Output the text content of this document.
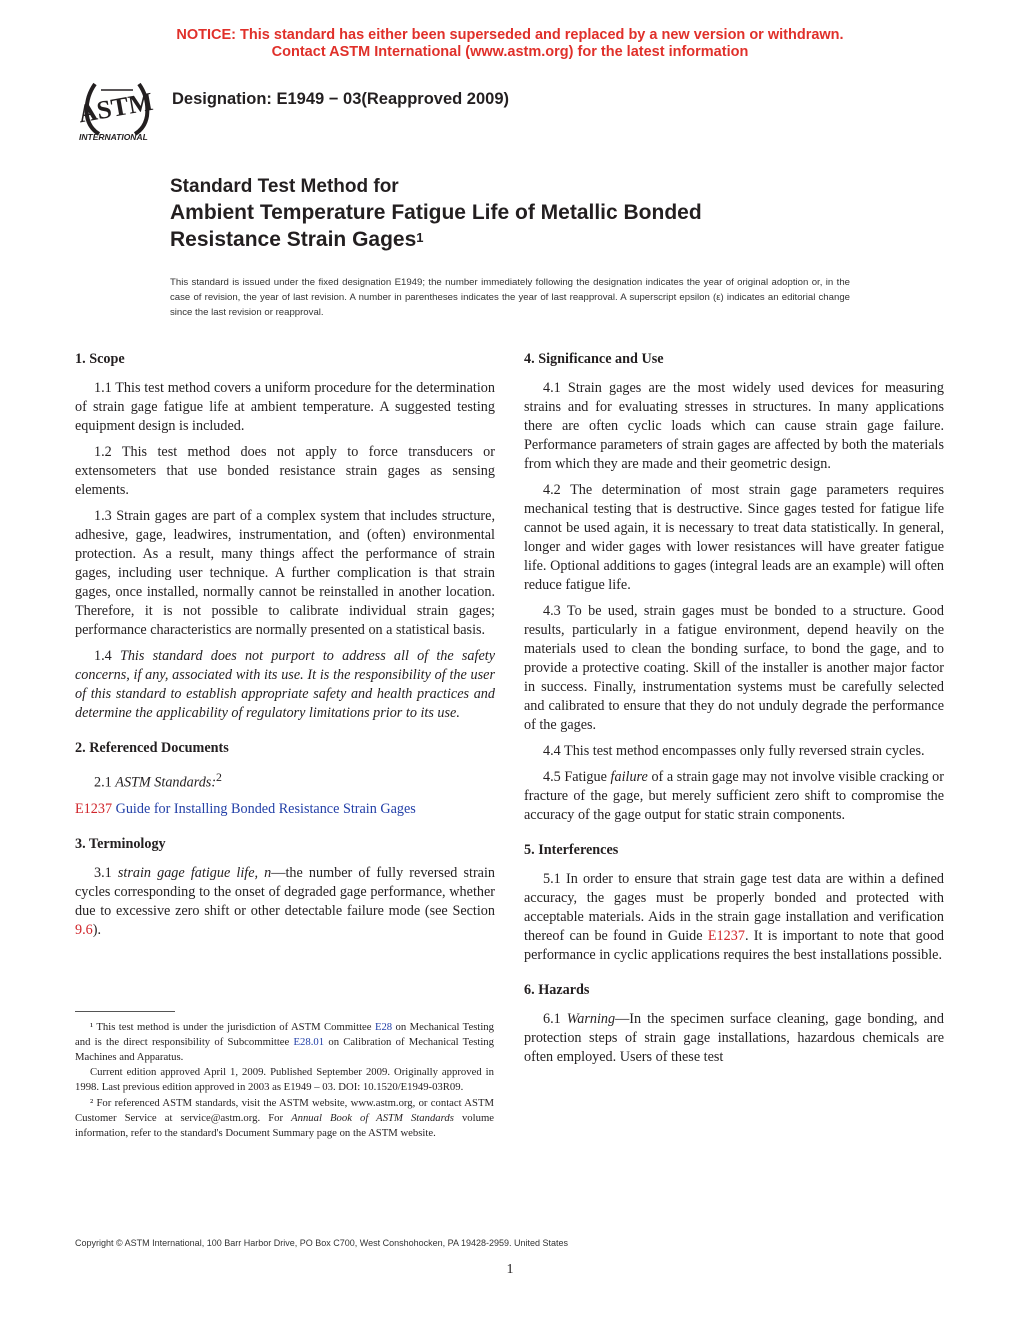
NOTICE: This standard has either been superseded and replaced by a new version or withdrawn.
Contact ASTM International (www.astm.org) for the latest information
ASTM
INTERNATIONAL
Designation: E1949 − 03(Reapproved 2009)
Standard Test Method for
Ambient Temperature Fatigue Life of Metallic Bonded
Resistance Strain Gages$^1$
This standard is issued under the fixed designation E1949; the number immediately following the designation indicates the year of original adoption or, in the case of revision, the year of last revision. A number in parentheses indicates the year of last reapproval. A superscript epsilon (ε) indicates an editorial change since the last revision or reapproval.
1. Scope

1.1 This test method covers a uniform procedure for the determination of strain gage fatigue life at ambient temperature. A suggested testing equipment design is included.

1.2 This test method does not apply to force transducers or extensometers that use bonded resistance strain gages as sensing elements.

1.3 Strain gages are part of a complex system that includes structure, adhesive, gage, leadwires, instrumentation, and (often) environmental protection. As a result, many things affect the performance of strain gages, including user technique. A further complication is that strain gages, once installed, normally cannot be reinstalled in another location. Therefore, it is not possible to calibrate individual strain gages; performance characteristics are normally presented on a statistical basis.

1.4 This standard does not purport to address all of the safety concerns, if any, associated with its use. It is the responsibility of the user of this standard to establish appropriate safety and health practices and determine the applicability of regulatory limitations prior to its use.

2. Referenced Documents

2.1 ASTM Standards:$^2$

E1237 Guide for Installing Bonded Resistance Strain Gages
3. Terminology

3.1 strain gage fatigue life, n—the number of fully reversed strain cycles corresponding to the onset of degraded gage performance, whether due to excessive zero shift or other detectable failure mode (see Section 9.6).

¹ This test method is under the jurisdiction of ASTM Committee E28 on Mechanical Testing and is the direct responsibility of Subcommittee E28.01 on Calibration of Mechanical Testing Machines and Apparatus.

Current edition approved April 1, 2009. Published September 2009. Originally approved in 1998. Last previous edition approved in 2003 as E1949 – 03. DOI: 10.1520/E1949-03R09.

² For referenced ASTM standards, visit the ASTM website, www.astm.org, or contact ASTM Customer Service at service@astm.org. For Annual Book of ASTM Standards volume information, refer to the standard's Document Summary page on the ASTM website.

4. Significance and Use

4.1 Strain gages are the most widely used devices for measuring strains and for evaluating stresses in structures. In many applications there are often cyclic loads which can cause strain gage failure. Performance parameters of strain gages are affected by both the materials from which they are made and their geometric design.

4.2 The determination of most strain gage parameters requires mechanical testing that is destructive. Since gages tested for fatigue life cannot be used again, it is necessary to treat data statistically. In general, longer and wider gages with lower resistances will have greater fatigue life. Optional additions to gages (integral leads are an example) will often reduce fatigue life.

4.3 To be used, strain gages must be bonded to a structure. Good results, particularly in a fatigue environment, depend heavily on the materials used to clean the bonding surface, to bond the gage, and to provide a protective coating. Skill of the installer is another major factor in success. Finally, instrumentation systems must be carefully selected and calibrated to ensure that they do not unduly degrade the performance of the gages.

4.4 This test method encompasses only fully reversed strain cycles.

4.5 Fatigue failure of a strain gage may not involve visible cracking or fracture of the gage, but merely sufficient zero shift to compromise the accuracy of the gage output for static strain components.

5. Interferences

5.1 In order to ensure that strain gage test data are within a defined accuracy, the gages must be properly bonded and protected with acceptable materials. Aids in the strain gage installation and verification thereof can be found in Guide E1237. It is important to note that good performance in cyclic applications requires the best installations possible.

6. Hazards

6.1 Warning—In the specimen surface cleaning, gage bonding, and protection steps of strain gage installations, hazardous chemicals are often employed. Users of these test

Copyright © ASTM International, 100 Barr Harbor Drive, PO Box C700, West Conshohocken, PA 19428-2959. United States
1
